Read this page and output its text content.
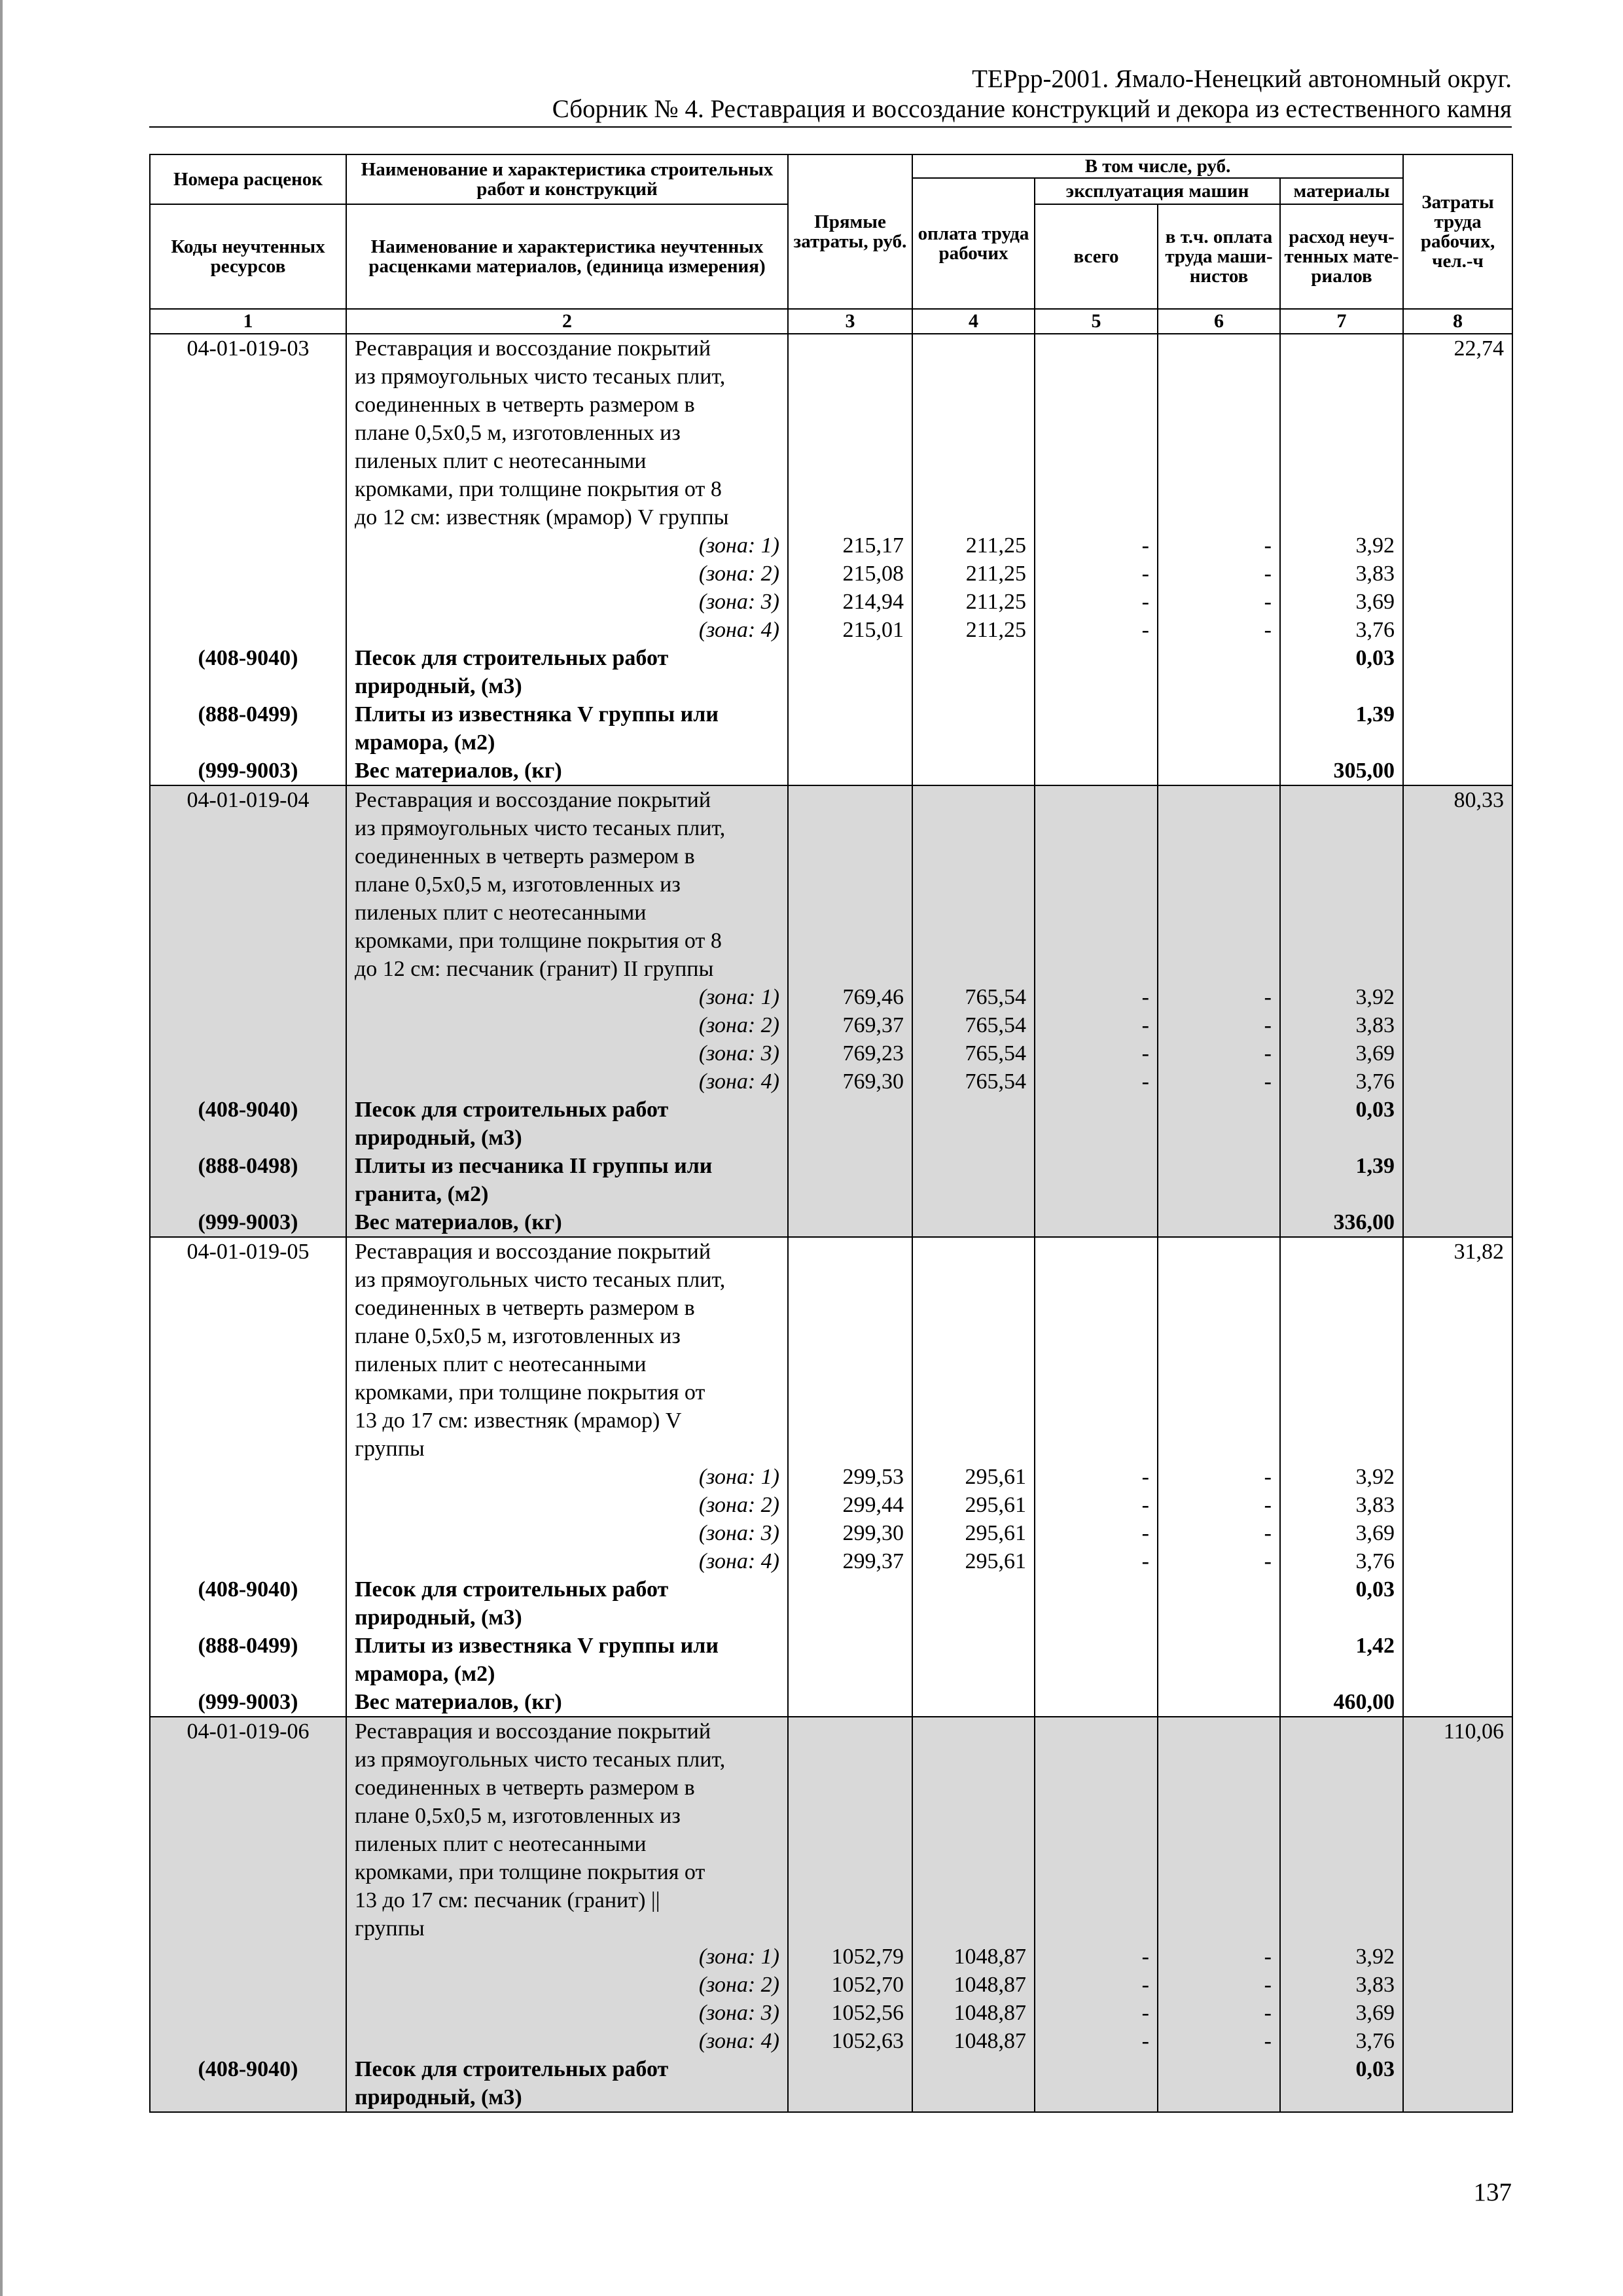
ТЕРрр-2001. Ямало-Ненецкий автономный округ.
Сборник № 4. Реставрация и воссоздание конструкций и декора из естественного камня
Номера расценок	Наименование и характеристика строительных работ и конструкций	Прямые затраты, руб.	В том числе, руб.				Затраты труда рабочих, чел.-ч
			оплата труда рабочих	эксплуатация машин		материалы	
Коды неучтенных ресурсов	Наименование и характеристика неучтенных расценками материалов, (единица измерения)			всего	в т.ч. оплата труда маши-нистов	расход неуч-тенных мате-риалов	

1	2	3	4	5	6	7	8
04-01-019-03	Реставрация и воссоздание покрытий						22,74
	из прямоугольных чисто тесаных плит,						
	соединенных в четверть размером в						
	плане 0,5х0,5 м, изготовленных из						
	пиленых плит с неотесанными						
	кромками, при толщине покрытия от 8						
	до 12 см: известняк (мрамор) V группы						
	(зона: 1)	215,17	211,25	-	-	3,92	
	(зона: 2)	215,08	211,25	-	-	3,83	
	(зона: 3)	214,94	211,25	-	-	3,69	
	(зона: 4)	215,01	211,25	-	-	3,76	
(408-9040)	Песок для строительных работ					0,03	
	природный, (м3)						
(888-0499)	Плиты из известняка V группы или					1,39	
	мрамора, (м2)						
(999-9003)	Вес материалов, (кг)					305,00	
04-01-019-04	Реставрация и воссоздание покрытий						80,33
	из прямоугольных чисто тесаных плит,						
	соединенных в четверть размером в						
	плане 0,5х0,5 м, изготовленных из						
	пиленых плит с неотесанными						
	кромками, при толщине покрытия от 8						
	до 12 см: песчаник (гранит) II группы						
	(зона: 1)	769,46	765,54	-	-	3,92	
	(зона: 2)	769,37	765,54	-	-	3,83	
	(зона: 3)	769,23	765,54	-	-	3,69	
	(зона: 4)	769,30	765,54	-	-	3,76	
(408-9040)	Песок для строительных работ					0,03	
	природный, (м3)						
(888-0498)	Плиты из песчаника II группы или					1,39	
	гранита, (м2)						
(999-9003)	Вес материалов, (кг)					336,00	
04-01-019-05	Реставрация и воссоздание покрытий						31,82
	из прямоугольных чисто тесаных плит,						
	соединенных в четверть размером в						
	плане 0,5х0,5 м, изготовленных из						
	пиленых плит с неотесанными						
	кромками, при толщине покрытия от						
	13 до 17 см: известняк (мрамор) V						
	группы						
	(зона: 1)	299,53	295,61	-	-	3,92	
	(зона: 2)	299,44	295,61	-	-	3,83	
	(зона: 3)	299,30	295,61	-	-	3,69	
	(зона: 4)	299,37	295,61	-	-	3,76	
(408-9040)	Песок для строительных работ					0,03	
	природный, (м3)						
(888-0499)	Плиты из известняка V группы или					1,42	
	мрамора, (м2)						
(999-9003)	Вес материалов, (кг)					460,00	
04-01-019-06	Реставрация и воссоздание покрытий						110,06
	из прямоугольных чисто тесаных плит,						
	соединенных в четверть размером в						
	плане 0,5х0,5 м, изготовленных из						
	пиленых плит с неотесанными						
	кромками, при толщине покрытия от						
	13 до 17 см: песчаник (гранит) ||						
	группы						
	(зона: 1)	1052,79	1048,87	-	-	3,92	
	(зона: 2)	1052,70	1048,87	-	-	3,83	
	(зона: 3)	1052,56	1048,87	-	-	3,69	
	(зона: 4)	1052,63	1048,87	-	-	3,76	
(408-9040)	Песок для строительных работ					0,03	
	природный, (м3)						
137
